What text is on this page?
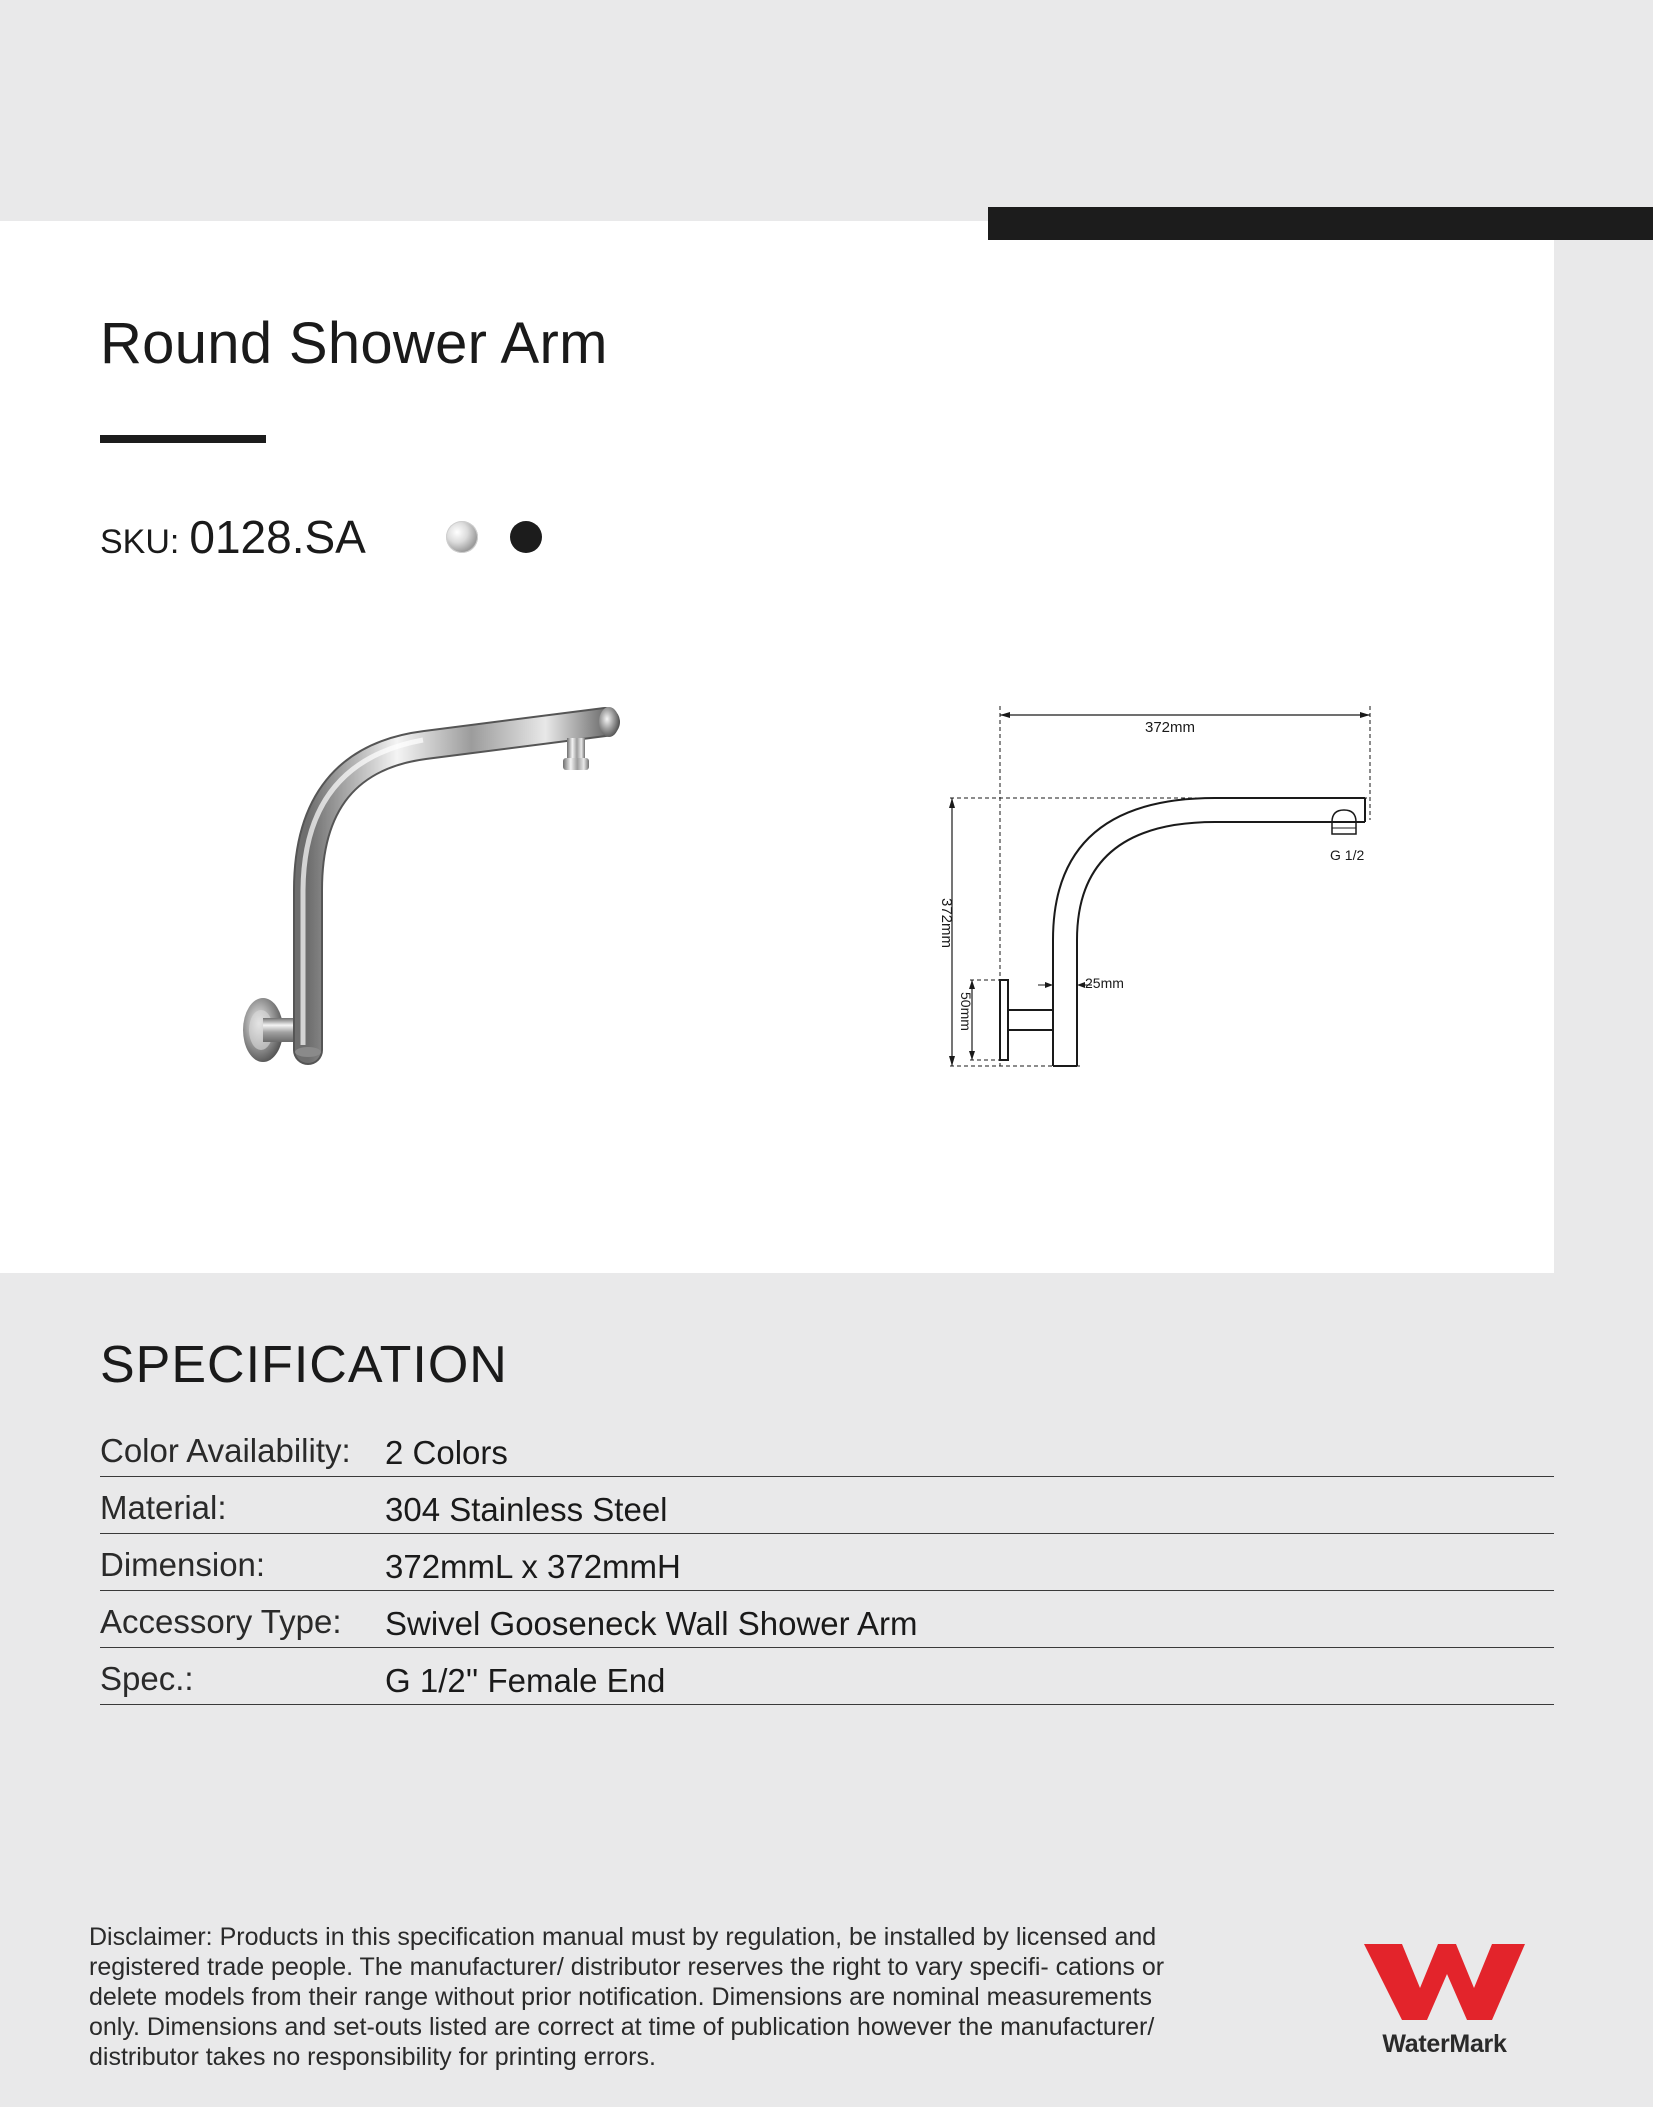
Round Shower Arm
SKU: 0128.SA
372mm
372mm
50mm
25mm
G 1/2
SPECIFICATION
Color Availability: 2 Colors
Material:	304 Stainless Steel
Dimension:	372mmL x 372mmH
Accessory Type: Swivel Gooseneck Wall Shower Arm
Spec.:	G 1/2'' Female End

Disclaimer: Products in this specification manual must by regulation, be installed by licensed and registered trade people. The manufacturer/ distributor reserves the right to vary specifi- cations or delete models from their range without prior notification. Dimensions are nominal measurements only. Dimensions and set-outs listed are correct at time of publication however the manufacturer/ distributor takes no responsibility for printing errors.	WaterMark
